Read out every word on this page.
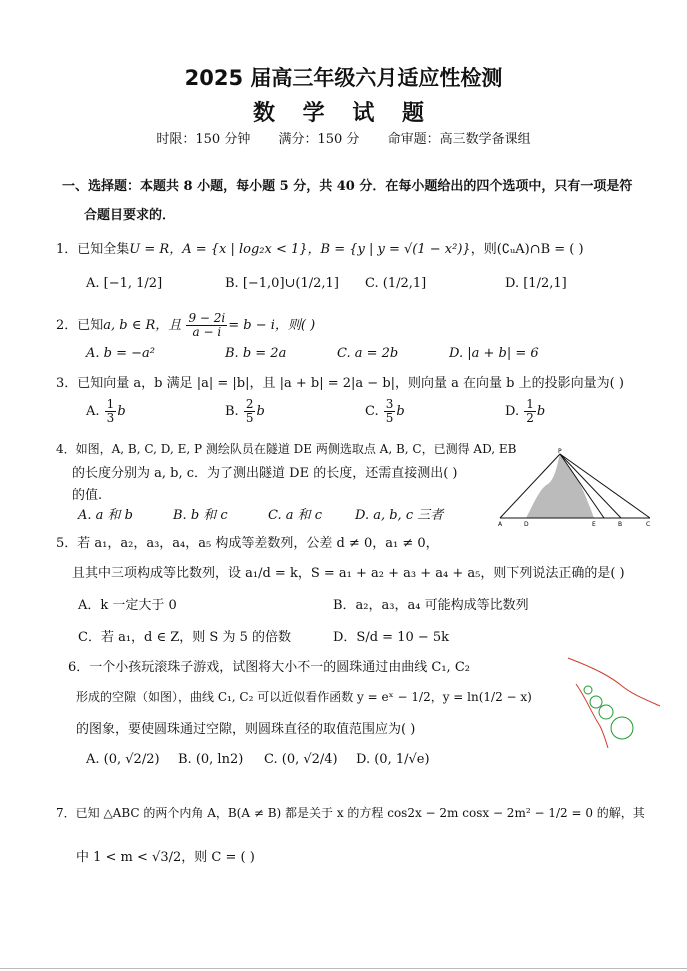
2025 届高三年级六月适应性检测
数 学 试 题
时限：150 分钟 满分：150 分 命审题：高三数学备课组
一、选择题：本题共 8 小题，每小题 5 分，共 40 分．在每小题给出的四个选项中，只有一项是符
合题目要求的．
1．已知全集U = R，A = {x | log₂x < 1}，B = {y | y = √(1 − x²)}，则(∁ᵤA)∩B = ( )
A. [−1, 1/2]	B. [−1,0]∪(1/2,1] C. (1/2,1]	D. [1/2,1]
2．已知a, b ∈ R，且 $\frac{9 - 2i}{a - i} = b - i$，则( )
A. b = −a²	B. b = 2a	C. a = 2b	D. |a + b| = 6
3．已知向量 a，b 满足 |a| = |b|，且 |a + b| = 2|a − b|，则向量 a 在向量 b 上的投影向量为( )
A. $\frac{1}{3}$ b	B. $\frac{2}{5}$ b	C. $\frac{3}{5}$ b	D. $\frac{1}{2}$ b
4．如图，A, B, C, D, E, P 测绘队员在隧道 DE 两侧选取点 A, B, C，已测得 AD, EB
的长度分别为 a, b, c．为了测出隧道 DE 的长度，还需直接测出( )
的值.
A. a 和 b	B. b 和 c	C. a 和 c	D. a, b, c 三者
P
A	D	E	B	C
5．若 a₁，a₂，a₃，a₄，a₅ 构成等差数列，公差 d ≠ 0，a₁ ≠ 0，
且其中三项构成等比数列，设 a₁/d = k，S = a₁ + a₂ + a₃ + a₄ + a₅，则下列说法正确的是( )
A．k 一定大于 0	B．a₂，a₃，a₄ 可能构成等比数列
C．若 a₁，d ∈ Z，则 S 为 5 的倍数	D．S/d = 10 − 5k
6．一个小孩玩滚珠子游戏，试图将大小不一的圆珠通过由曲线 C₁, C₂
形成的空隙（如图），曲线 C₁, C₂ 可以近似看作函数 y = eˣ − 1/2，y = ln(1/2 − x)
的图象，要使圆珠通过空隙，则圆珠直径的取值范围应为( )
A. (0, √2/2) B. (0, ln2) C. (0, √2/4) D. (0, 1/√e)
7．已知 △ABC 的两个内角 A，B(A ≠ B) 都是关于 x 的方程 cos2x − 2m cosx − 2m² − 1/2 = 0 的解，其
中 1 < m < √3/2，则 C = ( )
